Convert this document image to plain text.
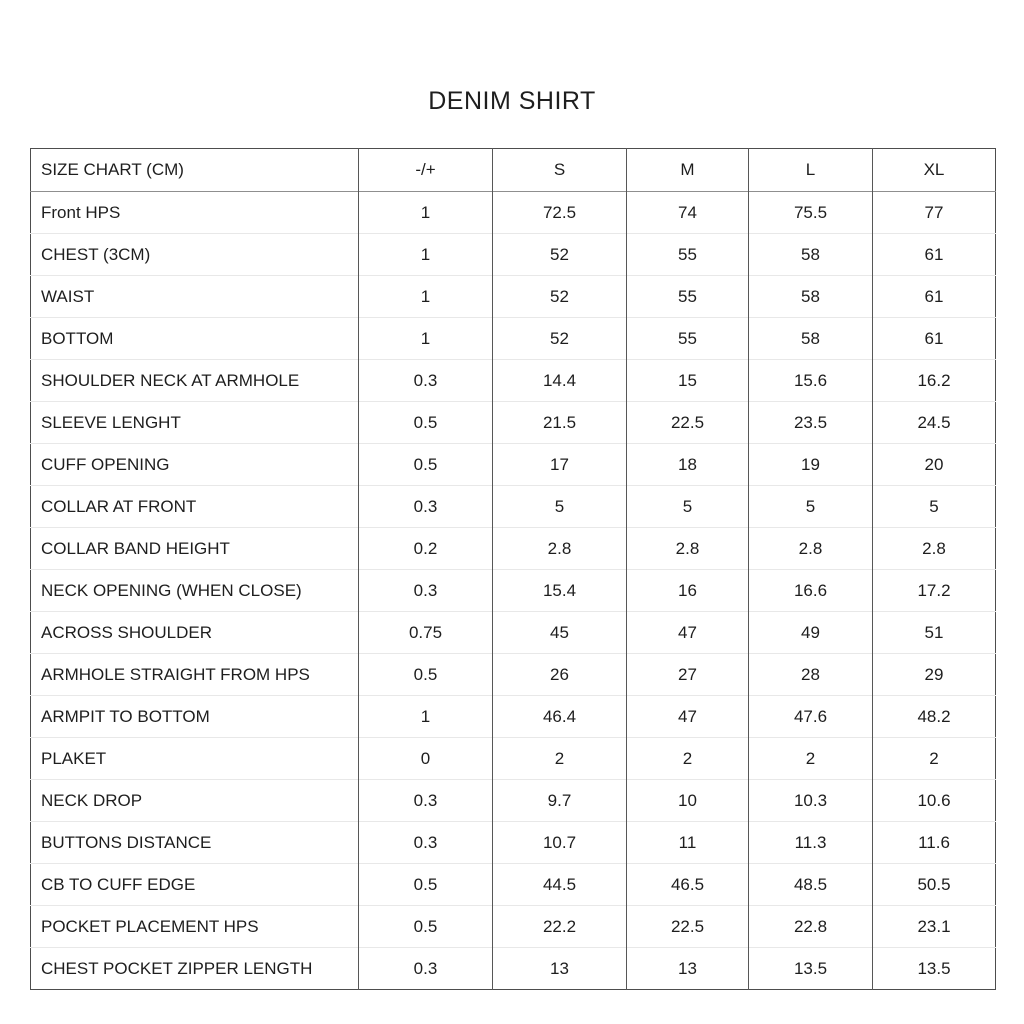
DENIM SHIRT
SIZE CHART (CM)	-/+	S	M	L	XL
Front HPS	1	72.5	74	75.5	77
CHEST (3CM)	1	52	55	58	61
WAIST	1	52	55	58	61
BOTTOM	1	52	55	58	61
SHOULDER NECK AT ARMHOLE	0.3	14.4	15	15.6	16.2
SLEEVE LENGHT	0.5	21.5	22.5	23.5	24.5
CUFF OPENING	0.5	17	18	19	20
COLLAR AT FRONT	0.3	5	5	5	5
COLLAR BAND HEIGHT	0.2	2.8	2.8	2.8	2.8
NECK OPENING (WHEN CLOSE)	0.3	15.4	16	16.6	17.2
ACROSS SHOULDER	0.75	45	47	49	51
ARMHOLE STRAIGHT FROM HPS	0.5	26	27	28	29
ARMPIT TO BOTTOM	1	46.4	47	47.6	48.2
PLAKET	0	2	2	2	2
NECK DROP	0.3	9.7	10	10.3	10.6
BUTTONS DISTANCE	0.3	10.7	11	11.3	11.6
CB TO CUFF EDGE	0.5	44.5	46.5	48.5	50.5
POCKET PLACEMENT HPS	0.5	22.2	22.5	22.8	23.1
CHEST POCKET ZIPPER LENGTH	0.3	13	13	13.5	13.5
